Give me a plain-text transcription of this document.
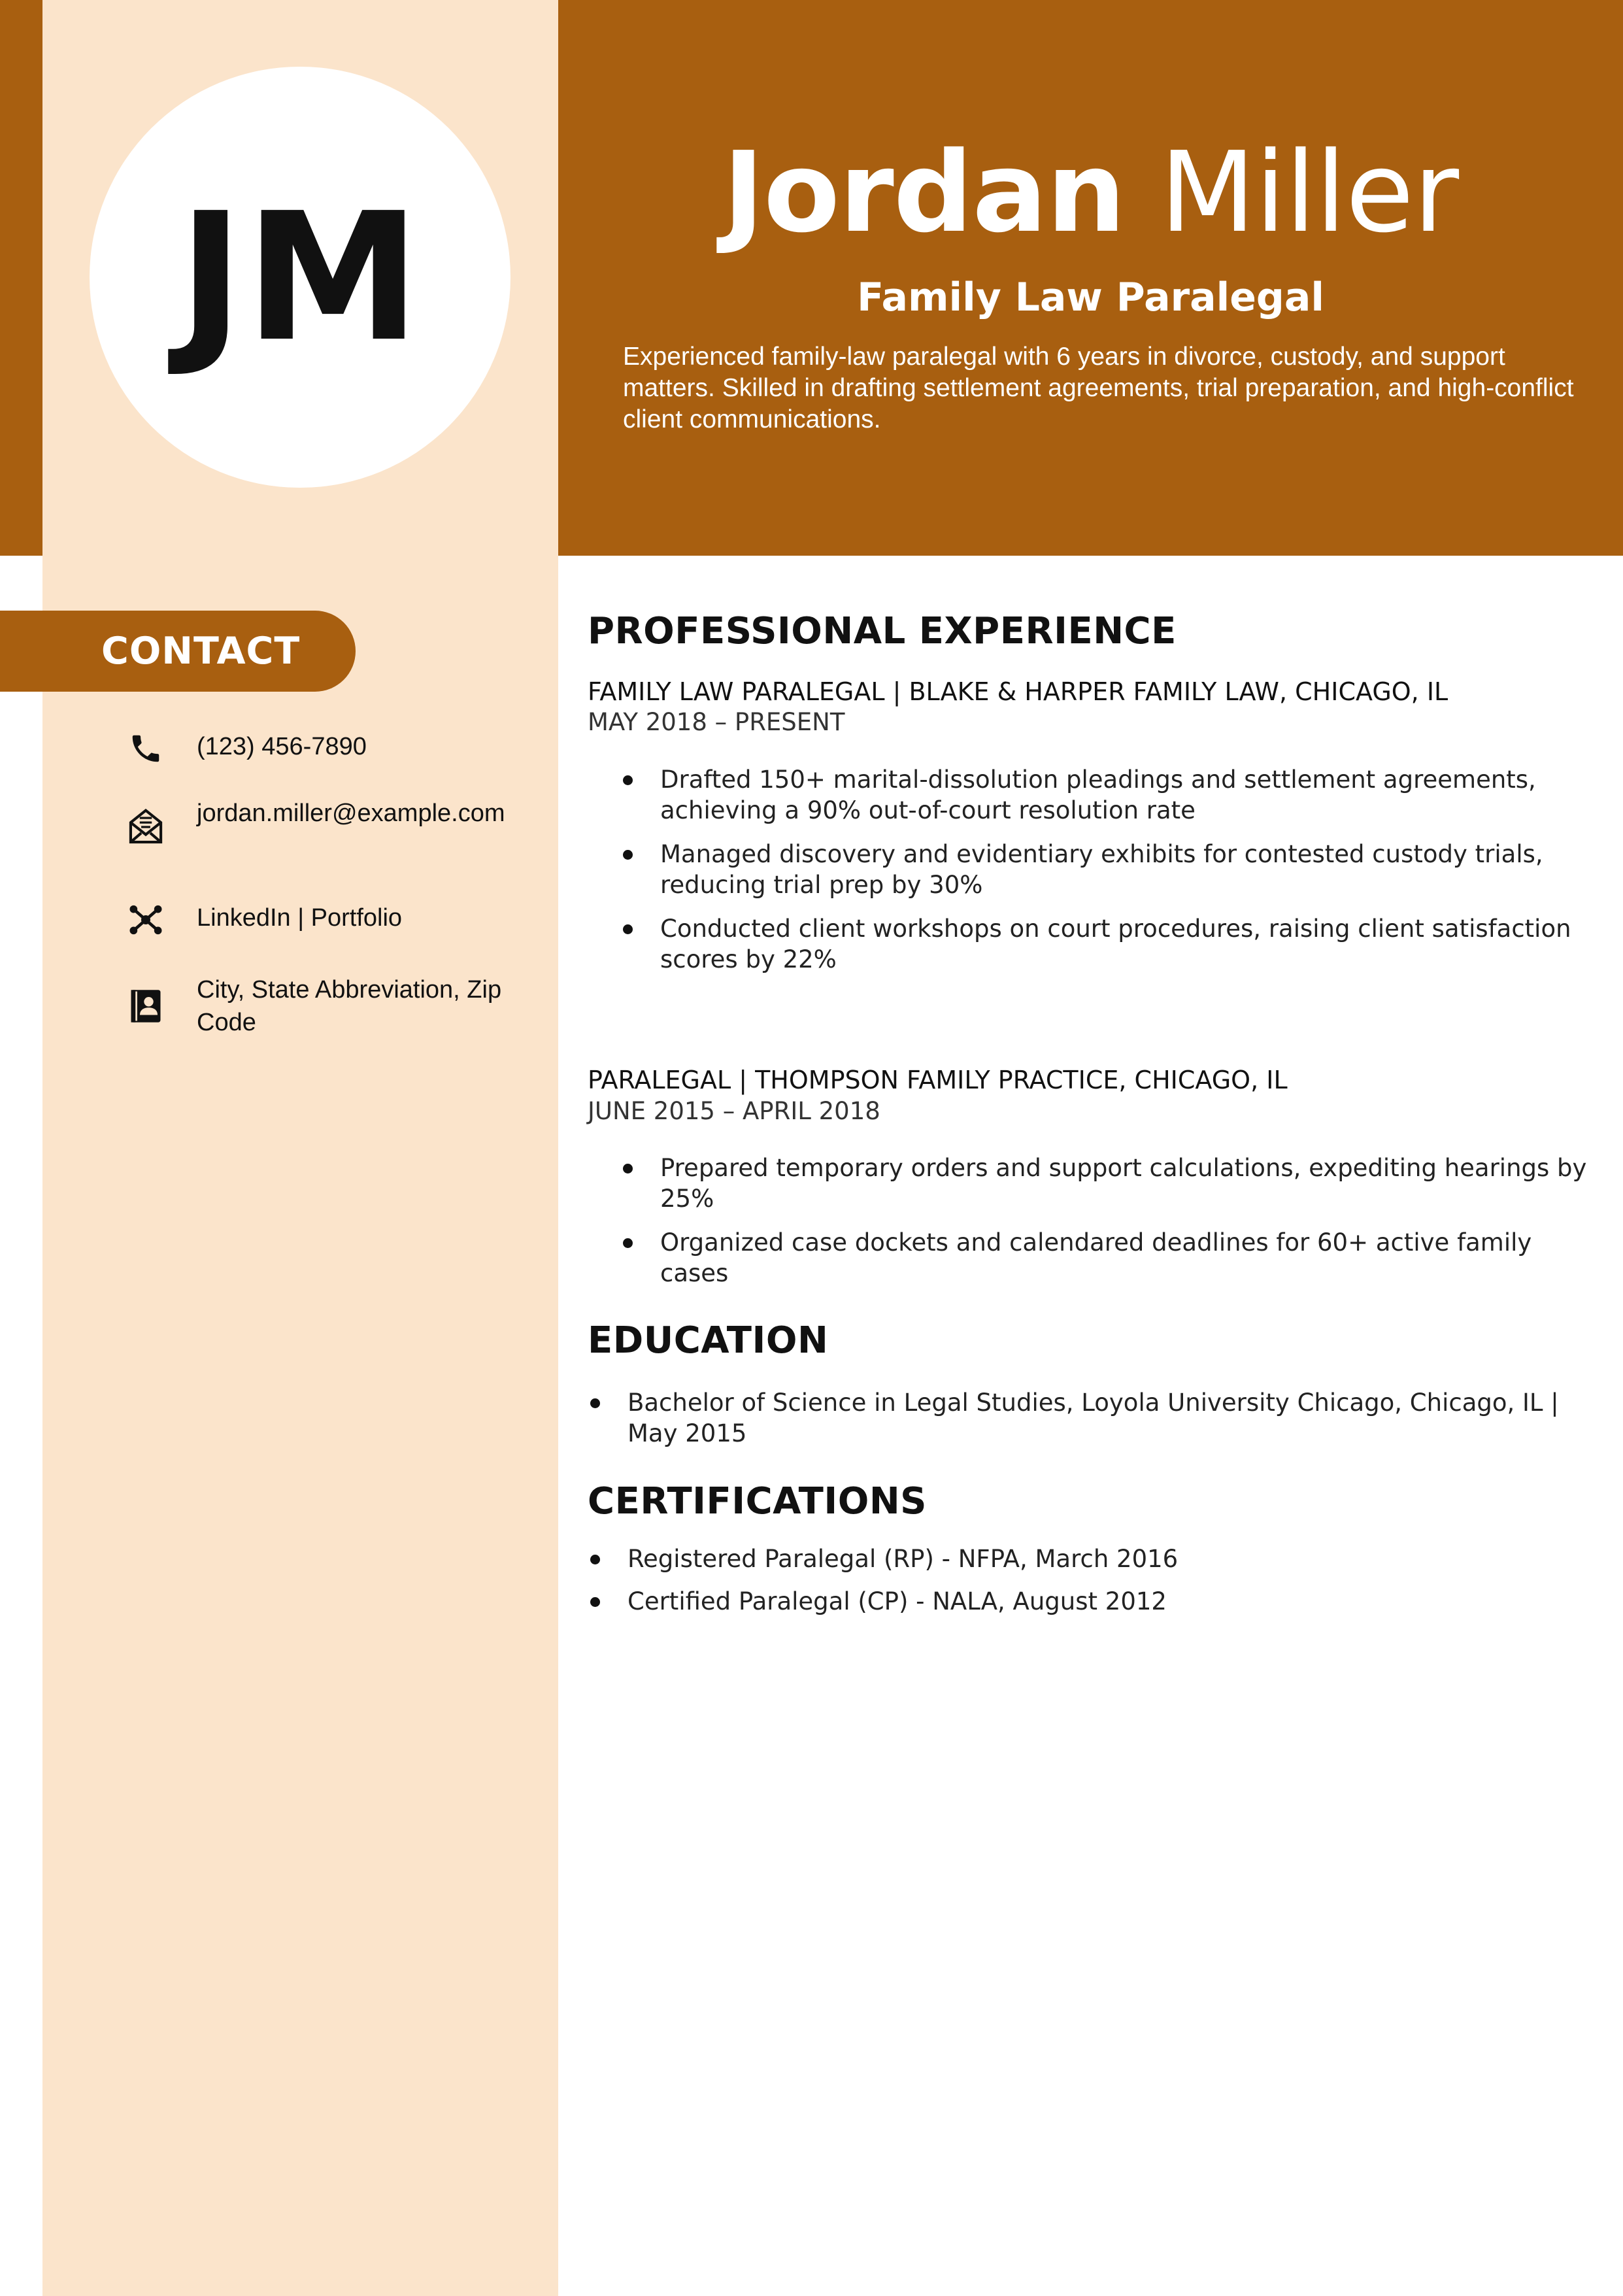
JM	Jordan Miller
Family Law Paralegal
Experienced family-law paralegal with 6 years in divorce, custody, and support matters. Skilled in drafting settlement agreements, trial preparation, and high-conflict client communications.
CONTACT
(123) 456-7890
jordan.miller@example.com
LinkedIn | Portfolio
City, State Abbreviation, Zip Code
PROFESSIONAL EXPERIENCE
FAMILY LAW PARALEGAL | BLAKE & HARPER FAMILY LAW, CHICAGO, IL
MAY 2018 – PRESENT
Drafted 150+ marital-dissolution pleadings and settlement agreements, achieving a 90% out-of-court resolution rate
Managed discovery and evidentiary exhibits for contested custody trials, reducing trial prep by 30%
Conducted client workshops on court procedures, raising client satisfaction scores by 22%
PARALEGAL | THOMPSON FAMILY PRACTICE, CHICAGO, IL
JUNE 2015 – APRIL 2018
Prepared temporary orders and support calculations, expediting hearings by 25%
Organized case dockets and calendared deadlines for 60+ active family cases
EDUCATION
Bachelor of Science in Legal Studies, Loyola University Chicago, Chicago, IL | May 2015
CERTIFICATIONS
Registered Paralegal (RP) - NFPA, March 2016
Certified Paralegal (CP) - NALA, August 2012
